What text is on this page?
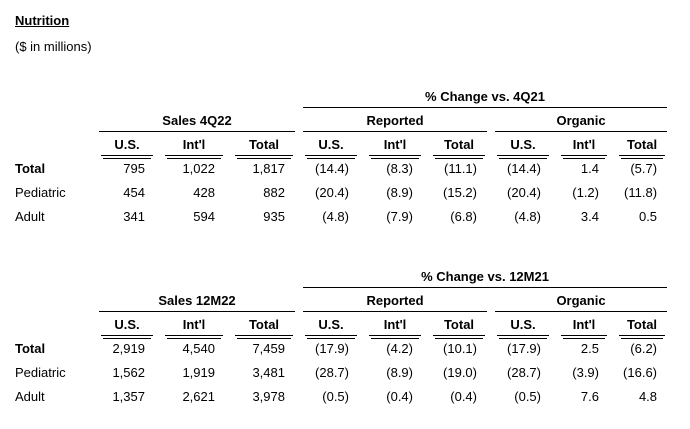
Nutrition
($ in millions)
				% Change vs. 4Q21					

	Sales 4Q22			Reported			Organic		

	U.S.	Int'l	Total	U.S.	Int'l	Total	U.S.	Int'l	Total

Total	795	1,022	1,817	(14.4)	(8.3)	(11.1)	(14.4)	1.4	(5.7)

Pediatric	454	428	882	(20.4)	(8.9)	(15.2)	(20.4)	(1.2)	(11.8)
Adult	341	594	935	(4.8)	(7.9)	(6.8)	(4.8)	3.4	0.5
				% Change vs. 12M21					

	Sales 12M22			Reported			Organic		

	U.S.	Int'l	Total	U.S.	Int'l	Total	U.S.	Int'l	Total

Total	2,919	4,540	7,459	(17.9)	(4.2)	(10.1)	(17.9)	2.5	(6.2)

Pediatric	1,562	1,919	3,481	(28.7)	(8.9)	(19.0)	(28.7)	(3.9)	(16.6)
Adult	1,357	2,621	3,978	(0.5)	(0.4)	(0.4)	(0.5)	7.6	4.8
